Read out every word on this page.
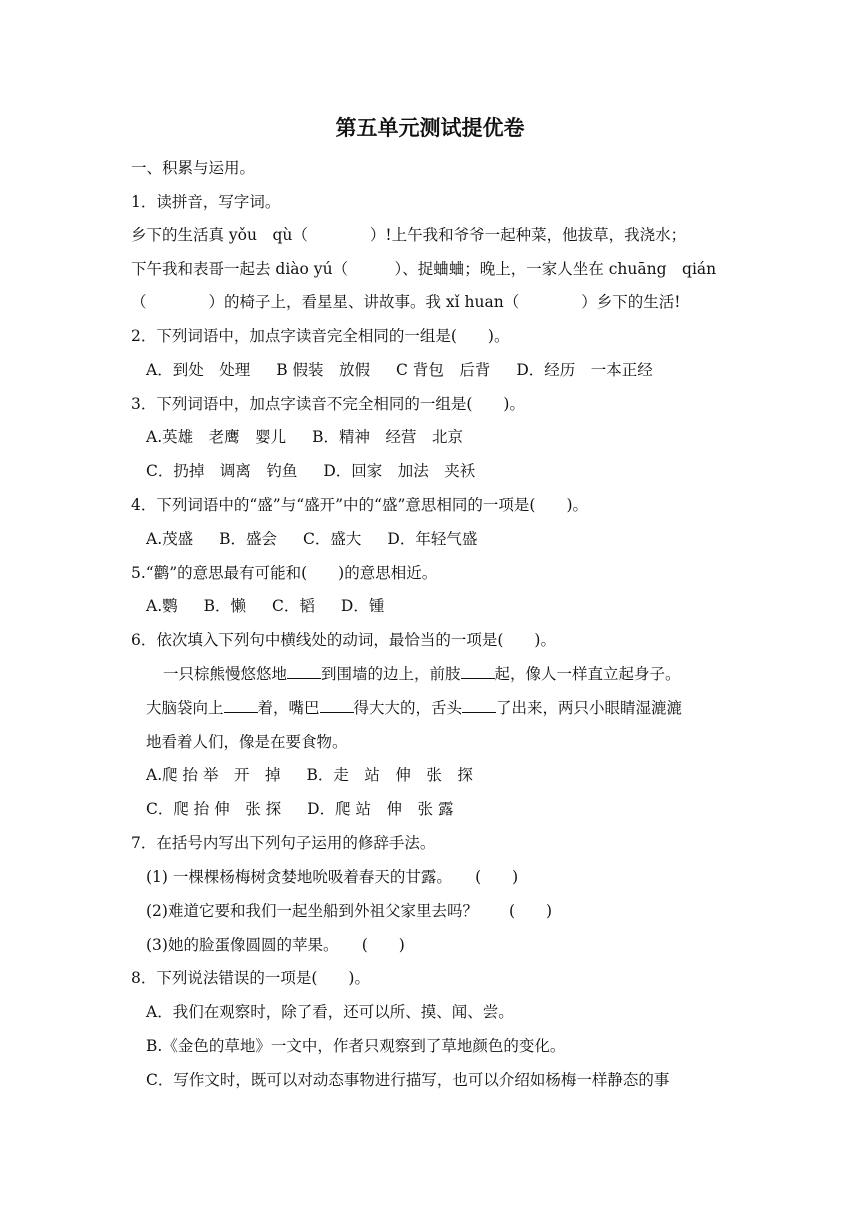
第五单元测试提优卷
一、积累与运用。
1．读拼音，写字词。
乡下的生活真 yǒu　qù（　　　　）!上午我和爷爷一起种菜，他拔草，我浇水；
下午我和表哥一起去 diào yú（　　　）、捉蛐蛐；晚上，一家人坐在 chuāng　qián
（　　　　）的椅子上，看星星、讲故事。我 xǐ huan（　　　　）乡下的生活!
2．下列词语中，加点字读音完全相同的一组是(　　)。
A．到处　处理 B 假装　放假 C 背包　后背 D．经历　一本正经
3．下列词语中，加点字读音不完全相同的一组是(　　)。
A.英雄　老鹰　婴儿 B．精神　经营　北京
C．扔掉　调离　钓鱼 D．回家　加法　夹袄
4．下列词语中的“盛”与“盛开”中的“盛”意思相同的一项是(　　)。
A.茂盛 B．盛会 C．盛大 D．年轻气盛
5.“鹳”的意思最有可能和(　　)的意思相近。
A.鹦 B．懒 C．韬 D．锺
6．依次填入下列句中横线处的动词，最恰当的一项是(　　)。
一只棕熊慢悠悠地 到围墙的边上，前肢 起，像人一样直立起身子。
大脑袋向上 着，嘴巴 得大大的，舌头 了出来，两只小眼睛湿漉漉
地看着人们，像是在要食物。
A.爬 抬 举　开　掉 B．走　站　伸　张　探
C．爬 抬 伸　张 探 D．爬 站　伸　张 露
7．在括号内写出下列句子运用的修辞手法。
(1) 一棵棵杨梅树贪婪地吮吸着春天的甘露。　　(　　)
(2)难道它要和我们一起坐船到外祖父家里去吗？　　(　　)
(3)她的脸蛋像圆圆的苹果。　　(　　)
8．下列说法错误的一项是(　　)。
A．我们在观察时，除了看，还可以所、摸、闻、尝。
B.《金色的草地》一文中，作者只观察到了草地颜色的变化。
C．写作文时，既可以对动态事物进行描写，也可以介绍如杨梅一样静态的事
